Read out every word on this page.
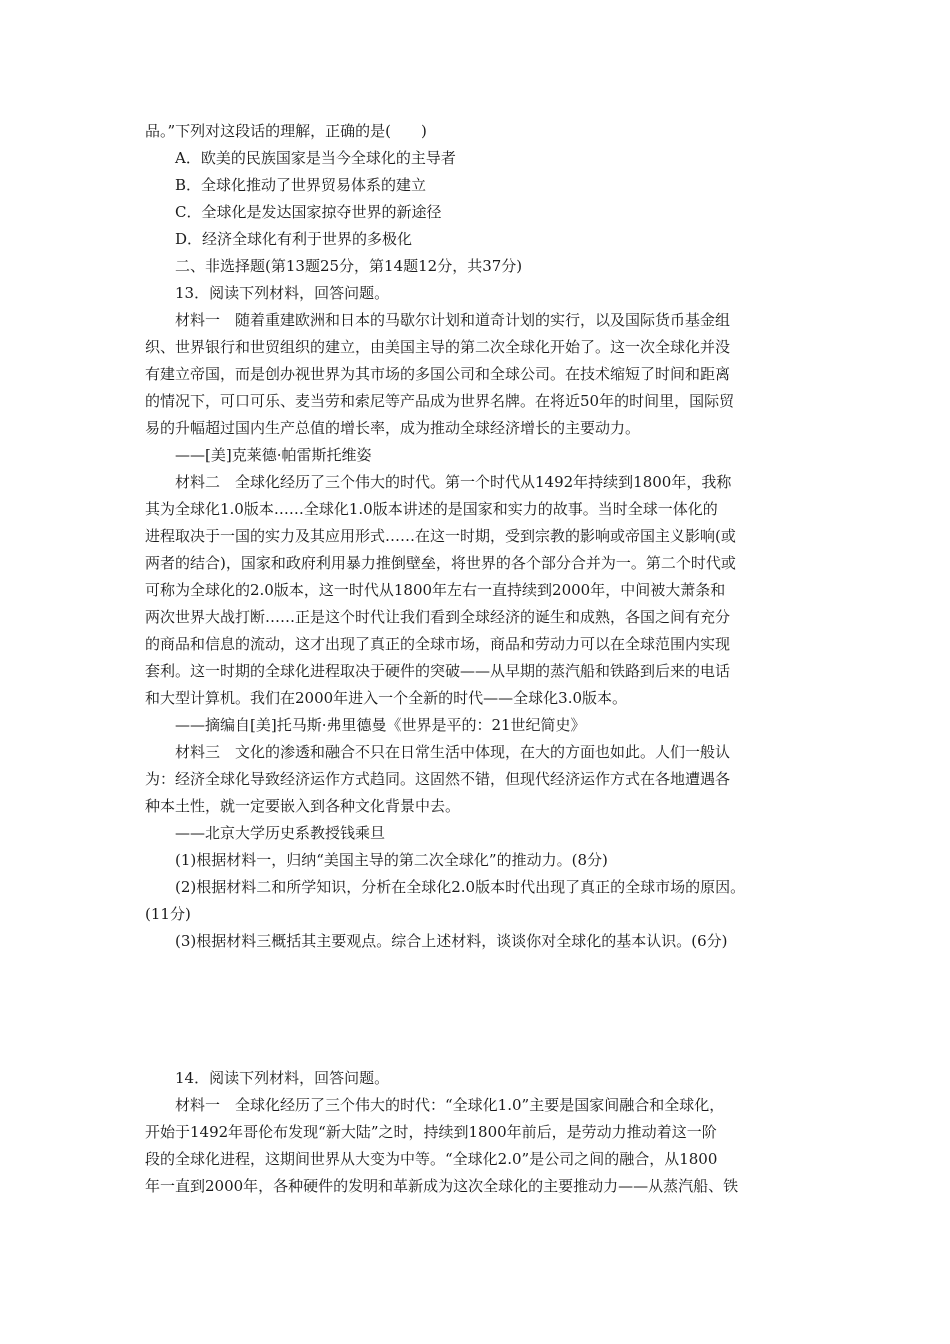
品。”下列对这段话的理解，正确的是(　　)

A．欧美的民族国家是当今全球化的主导者

B．全球化推动了世界贸易体系的建立

C．全球化是发达国家掠夺世界的新途径

D．经济全球化有利于世界的多极化

二、非选择题(第13题25分，第14题12分，共37分)

13．阅读下列材料，回答问题。

材料一　随着重建欧洲和日本的马歇尔计划和道奇计划的实行，以及国际货币基金组

织、世界银行和世贸组织的建立，由美国主导的第二次全球化开始了。这一次全球化并没

有建立帝国，而是创办视世界为其市场的多国公司和全球公司。在技术缩短了时间和距离

的情况下，可口可乐、麦当劳和索尼等产品成为世界名牌。在将近50年的时间里，国际贸

易的升幅超过国内生产总值的增长率，成为推动全球经济增长的主要动力。

——[美]克莱德·帕雷斯托维姿

材料二　全球化经历了三个伟大的时代。第一个时代从1492年持续到1800年，我称

其为全球化1.0版本……全球化1.0版本讲述的是国家和实力的故事。当时全球一体化的

进程取决于一国的实力及其应用形式……在这一时期，受到宗教的影响或帝国主义影响(或

两者的结合)，国家和政府利用暴力推倒壁垒，将世界的各个部分合并为一。第二个时代或

可称为全球化的2.0版本，这一时代从1800年左右一直持续到2000年，中间被大萧条和

两次世界大战打断……正是这个时代让我们看到全球经济的诞生和成熟，各国之间有充分

的商品和信息的流动，这才出现了真正的全球市场，商品和劳动力可以在全球范围内实现

套利。这一时期的全球化进程取决于硬件的突破——从早期的蒸汽船和铁路到后来的电话

和大型计算机。我们在2000年进入一个全新的时代——全球化3.0版本。

——摘编自[美]托马斯·弗里德曼《世界是平的：21世纪简史》

材料三　文化的渗透和融合不只在日常生活中体现，在大的方面也如此。人们一般认

为：经济全球化导致经济运作方式趋同。这固然不错，但现代经济运作方式在各地遭遇各

种本土性，就一定要嵌入到各种文化背景中去。

——北京大学历史系教授钱乘旦

(1)根据材料一，归纳“美国主导的第二次全球化”的推动力。(8分)

(2)根据材料二和所学知识，分析在全球化2.0版本时代出现了真正的全球市场的原因。

(11分)

(3)根据材料三概括其主要观点。综合上述材料，谈谈你对全球化的基本认识。(6分)

14．阅读下列材料，回答问题。

材料一　全球化经历了三个伟大的时代：“全球化1.0”主要是国家间融合和全球化，

开始于1492年哥伦布发现“新大陆”之时，持续到1800年前后，是劳动力推动着这一阶

段的全球化进程，这期间世界从大变为中等。“全球化2.0”是公司之间的融合，从1800

年一直到2000年，各种硬件的发明和革新成为这次全球化的主要推动力——从蒸汽船、铁
